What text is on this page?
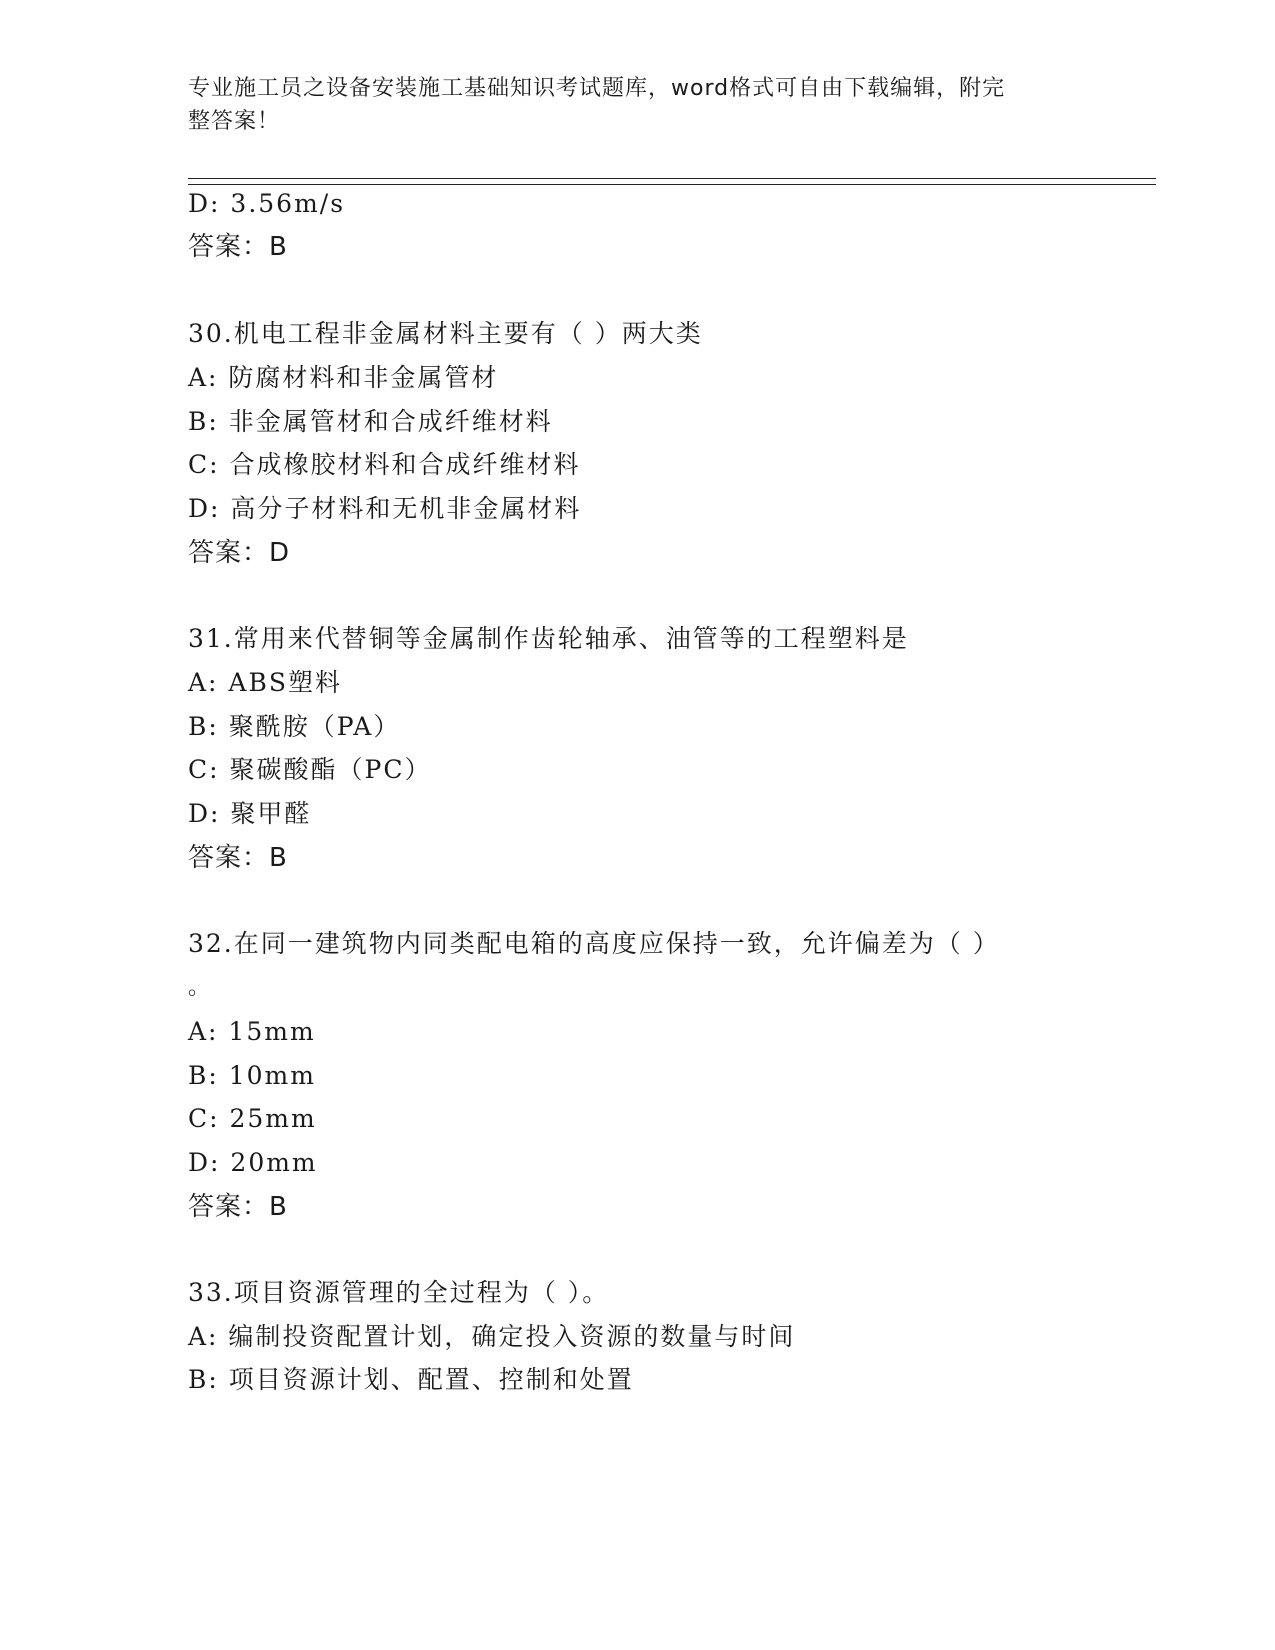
专业施工员之设备安装施工基础知识考试题库，word格式可自由下载编辑，附完
整答案！
D: 3.56m/s
答案：B
30.机电工程非金属材料主要有（ ）两大类
A: 防腐材料和非金属管材
B: 非金属管材和合成纤维材料
C: 合成橡胶材料和合成纤维材料
D: 高分子材料和无机非金属材料
答案：D
31.常用来代替铜等金属制作齿轮轴承、油管等的工程塑料是
A: ABS塑料
B: 聚酰胺（PA）
C: 聚碳酸酯（PC）
D: 聚甲醛
答案：B
32.在同一建筑物内同类配电箱的高度应保持一致，允许偏差为（ ）
。
A: 15mm
B: 10mm
C: 25mm
D: 20mm
答案：B
33.项目资源管理的全过程为（ ）。
A: 编制投资配置计划，确定投入资源的数量与时间
B: 项目资源计划、配置、控制和处置
